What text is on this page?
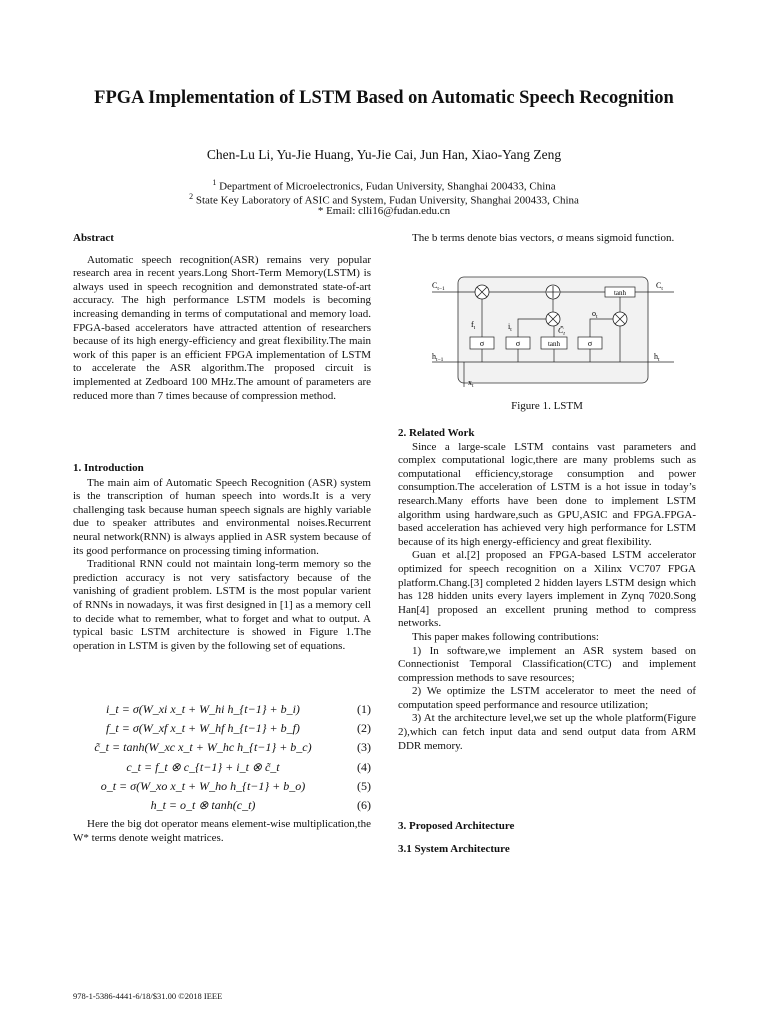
FPGA Implementation of LSTM Based on Automatic Speech Recognition
Chen-Lu Li, Yu-Jie Huang, Yu-Jie Cai, Jun Han, Xiao-Yang Zeng
$^1$ Department of Microelectronics, Fudan University, Shanghai 200433, China
$^2$ State Key Laboratory of ASIC and System, Fudan University, Shanghai 200433, China
* Email: clli16@fudan.edu.cn

Abstract

Automatic speech recognition(ASR) remains very popular research area in recent years.Long Short-Term Memory(LSTM) is always used in speech recognition and demonstrated state-of-art accuracy. The high performance LSTM models is becoming increasing demanding in terms of computational and memory load. FPGA-based accelerators have attracted attention of researchers because of its high energy-efficiency and great flexibility.The main work of this paper is an efficient FPGA implementation of LSTM to accelerate the ASR algorithm.The proposed circuit is implemented at Zedboard 100 MHz.The amount of parameters are reduced more than 7 times because of compression method.

1. Introduction

The main aim of Automatic Speech Recognition (ASR) system is the transcription of human speech into words.It is a very challenging task because human speech signals are highly variable due to speaker attributes and environmental noises.Recurrent neural network(RNN) is always applied in ASR system because of its good performance on processing timing information.

Traditional RNN could not maintain long-term memory so the prediction accuracy is not very satisfactory because of the vanishing of gradient problem. LSTM is the most popular varient of RNNs in nowadays, it was first designed in [1] as a memory cell to decide what to remember, what to forget and what to output. A typical basic LSTM architecture is showed in Figure 1.The operation in LSTM is given by the following set of equations.

i_t = σ(W_xi x_t + W_hi h_{t−1} + b_i)	(1)
f_t = σ(W_xf x_t + W_hf h_{t−1} + b_f)	(2)
c̃_t = tanh(W_xc x_t + W_hc h_{t−1} + b_c)	(3)
c_t = f_t ⊗ c_{t−1} + i_t ⊗ c̃_t	(4)
o_t = σ(W_xo x_t + W_ho h_{t−1} + b_o)	(5)
h_t = o_t ⊗ tanh(c_t)	(6)

Here the big dot operator means element-wise multiplication,the W* terms denote weight matrices.

The b terms denote bias vectors, σ means sigmoid function.

tanh
σ	σ	tanh	σ
$C_{t-1}$	$C_t$
$h_{t-1}$	$h_t$
$x_t$
$f_t$	$i_t$	$C̃_t$
$o_t$
Figure 1. LSTM

2. Related Work

Since a large-scale LSTM contains vast parameters and complex computational logic,there are many problems such as computational efficiency,storage consumption and power consumption.The acceleration of LSTM is a hot issue in today’s research.Many efforts have been done to implement LSTM algorithm using hardware,such as GPU,ASIC and FPGA.FPGA-based acceleration has achieved very high performance for LSTM because of its high energy-efficiency and great flexibility.

Guan et al.[2] proposed an FPGA-based LSTM accelerator optimized for speech recognition on a Xilinx VC707 FPGA platform.Chang.[3] completed 2 hidden layers LSTM design which has 128 hidden units every layers implement in Zynq 7020.Song Han[4] proposed an excellent pruning method to compress networks.

This paper makes following contributions:

1) In software,we implement an ASR system based on Connectionist Temporal Classification(CTC) and implement compression methods to save resources;

2) We optimize the LSTM accelerator to meet the need of computation speed performance and resource utilization;

3) At the architecture level,we set up the whole platform(Figure 2),which can fetch input data and send output data from ARM DDR memory.

3. Proposed Architecture

3.1 System Architecture

978-1-5386-4441-6/18/$31.00 ©2018 IEEE
